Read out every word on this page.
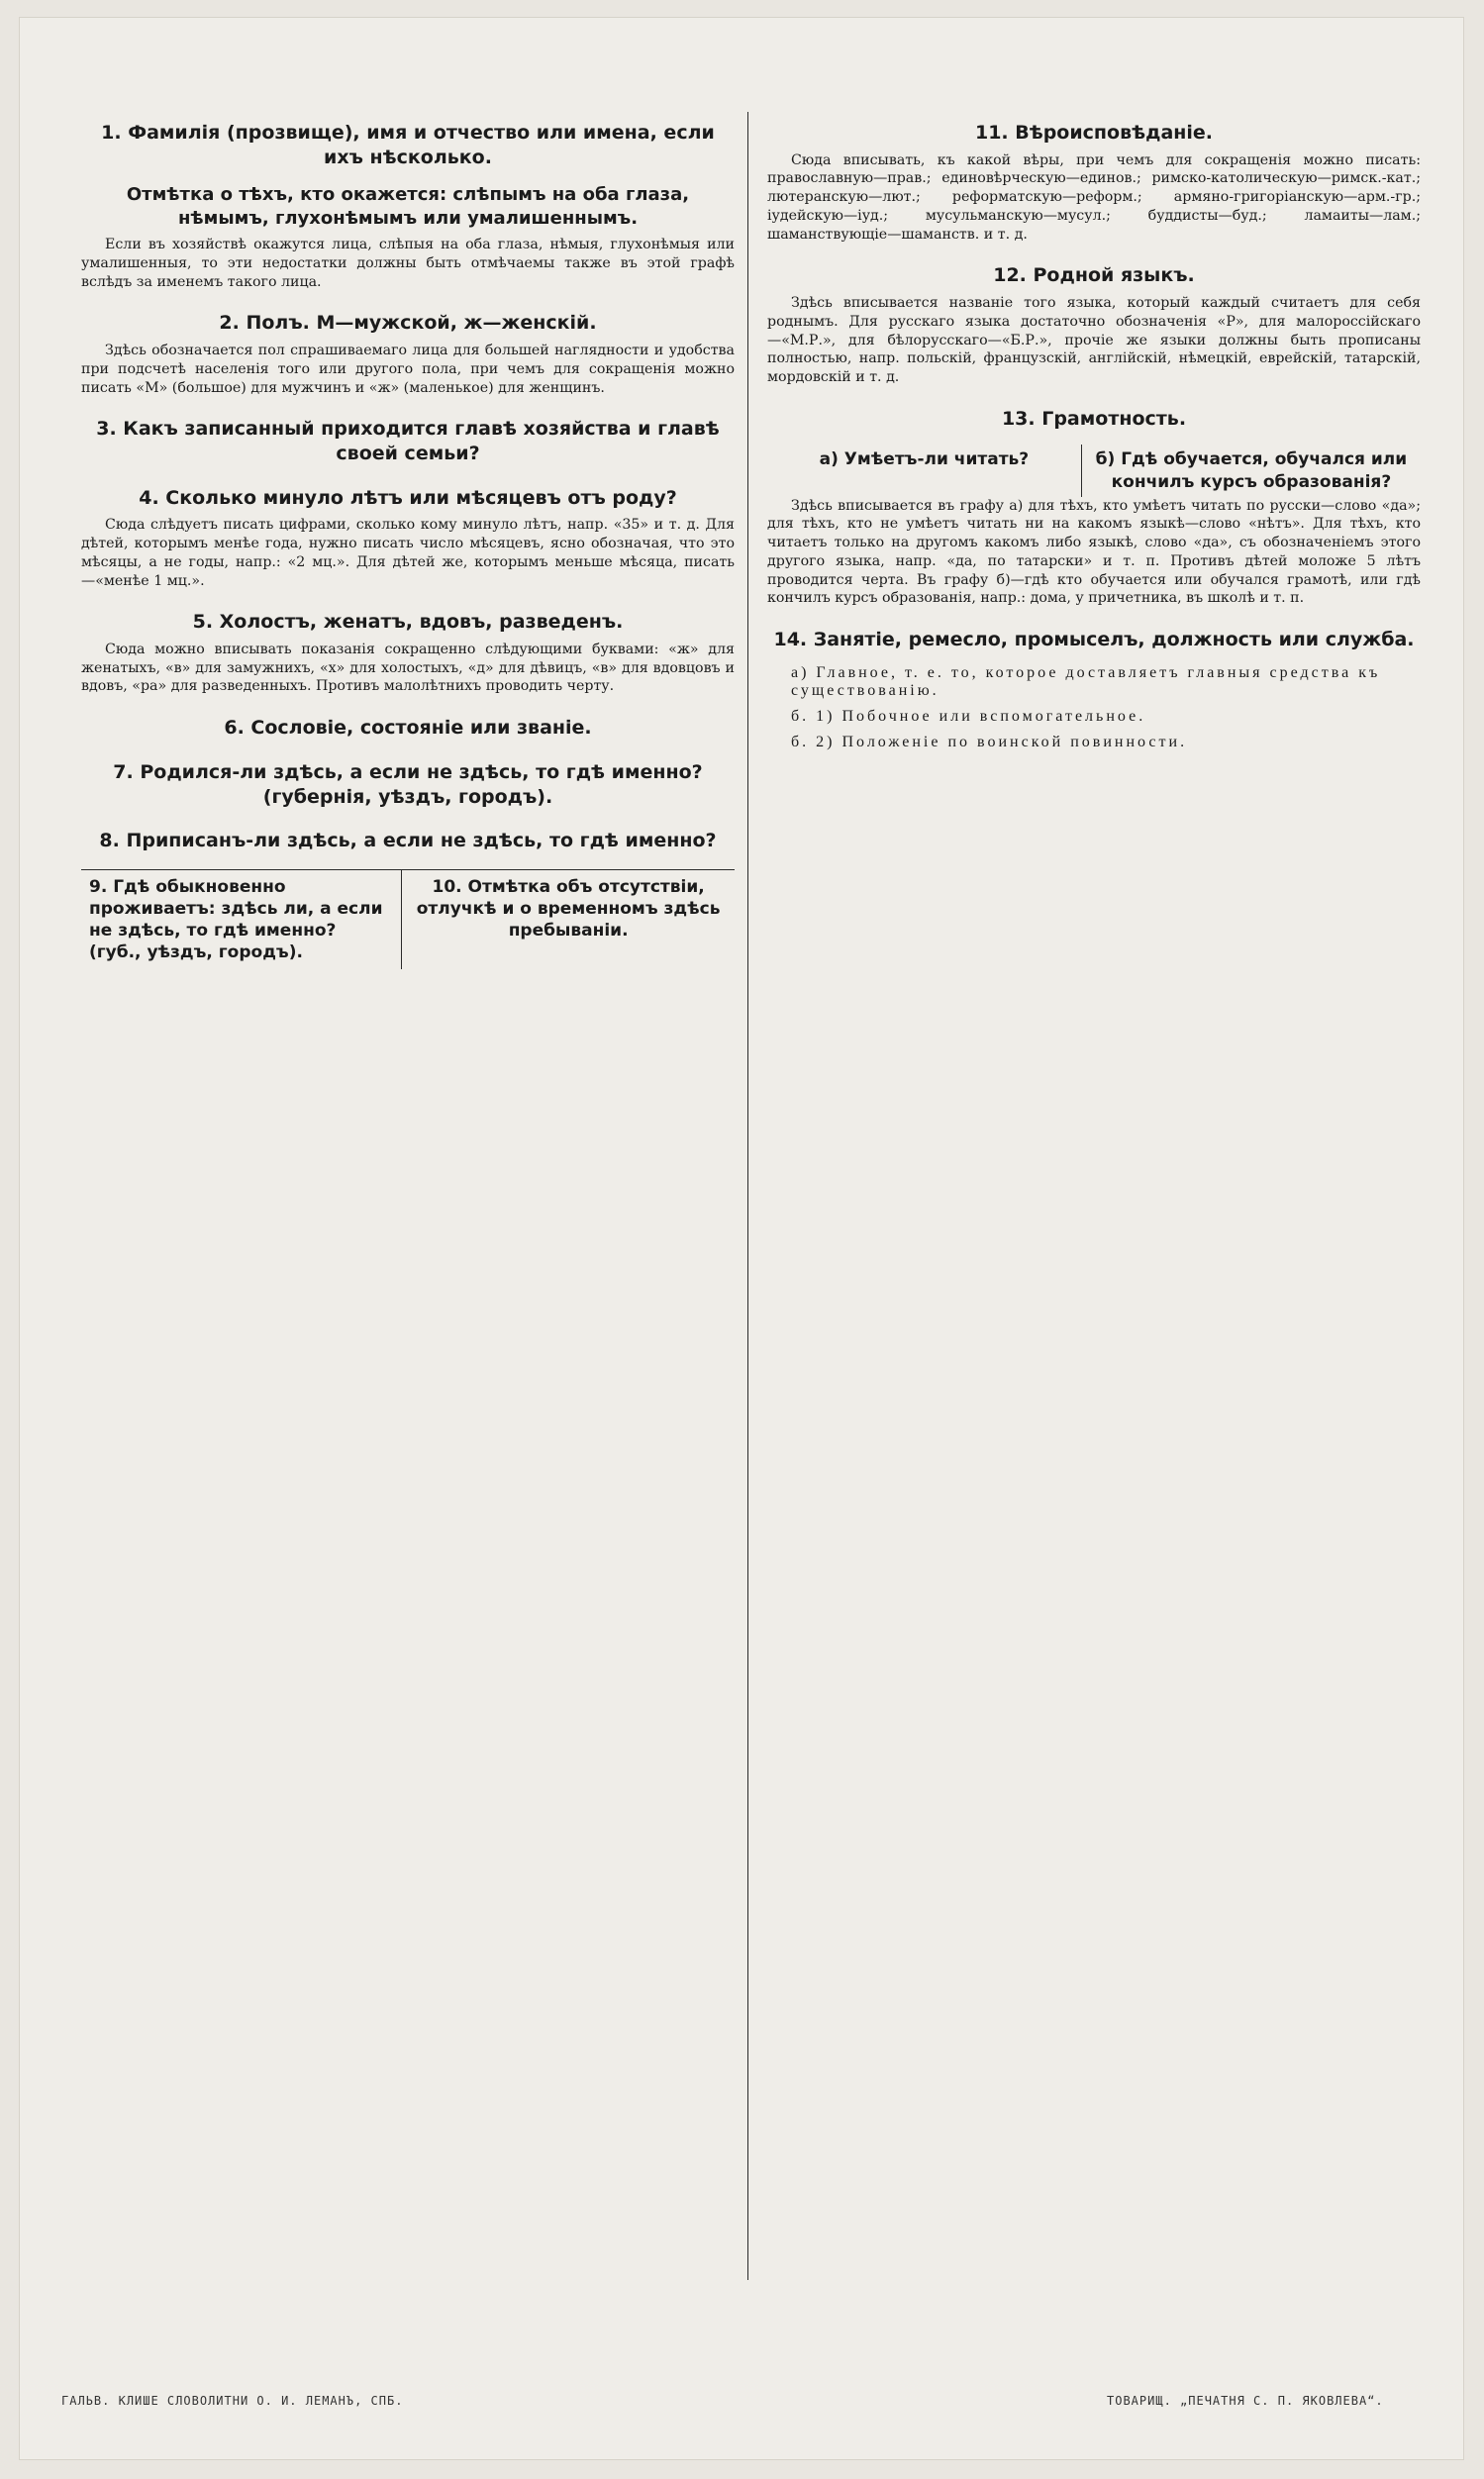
1. Фамилія (прозвище), имя и отчество или имена, если ихъ нѣсколько.
Отмѣтка о тѣхъ, кто окажется: слѣпымъ на оба глаза, нѣмымъ, глухонѣмымъ или умалишеннымъ.

Если въ хозяйствѣ окажутся лица, слѣпыя на оба глаза, нѣмыя, глухонѣмыя или умалишенныя, то эти недостатки должны быть отмѣчаемы также въ этой графѣ вслѣдъ за именемъ такого лица.

2. Полъ. М—мужской, ж—женскій.

Здѣсь обозначается пол спрашиваемаго лица для большей наглядности и удобства при подсчетѣ населенія того или другого пола, при чемъ для сокращенія можно писать «М» (большое) для мужчинъ и «ж» (маленькое) для женщинъ.

3. Какъ записанный приходится главѣ хозяйства и главѣ своей семьи?
4. Сколько минуло лѣтъ или мѣсяцевъ отъ роду?

Сюда слѣдуетъ писать цифрами, сколько кому минуло лѣтъ, напр. «35» и т. д. Для дѣтей, которымъ менѣе года, нужно писать число мѣсяцевъ, ясно обозначая, что это мѣсяцы, а не годы, напр.: «2 мц.». Для дѣтей же, которымъ меньше мѣсяца, писать—«менѣе 1 мц.».

5. Холостъ, женатъ, вдовъ, разведенъ.

Сюда можно вписывать показанія сокращенно слѣдующими буквами: «ж» для женатыхъ, «в» для замужнихъ, «х» для холостыхъ, «д» для дѣвицъ, «в» для вдовцовъ и вдовъ, «ра» для разведенныхъ. Противъ малолѣтнихъ проводить черту.

6. Сословіе, состояніе или званіе.
7. Родился-ли здѣсь, а если не здѣсь, то гдѣ именно? (губернія, уѣздъ, городъ).
8. Приписанъ-ли здѣсь, а если не здѣсь, то гдѣ именно?
9. Гдѣ обыкновенно проживаетъ: здѣсь ли, а если не здѣсь, то гдѣ именно? (губ., уѣздъ, городъ).
10. Отмѣтка объ отсутствіи, отлучкѣ и о временномъ здѣсь пребываніи.
11. Вѣроисповѣданіе.

Сюда вписывать, къ какой вѣры, при чемъ для сокращенія можно писать: православную—прав.; единовѣрческую—единов.; римско-католическую—римск.-кат.; лютеранскую—лют.; реформатскую—реформ.; армяно-григоріанскую—арм.-гр.; іудейскую—іуд.; мусульманскую—мусул.; буддисты—буд.; ламаиты—лам.; шаманствующіе—шаманств. и т. д.

12. Родной языкъ.

Здѣсь вписывается названіе того языка, который каждый считаетъ для себя роднымъ. Для русскаго языка достаточно обозначенія «Р», для малороссійскаго—«М.Р.», для бѣлорусскаго—«Б.Р.», прочіе же языки должны быть прописаны полностью, напр. польскій, французскій, англійскій, нѣмецкій, еврейскій, татарскій, мордовскій и т. д.

13. Грамотность.
а) Умѣетъ-ли читать?	б) Гдѣ обучается, обучался или кончилъ курсъ образованія?

Здѣсь вписывается въ графу а) для тѣхъ, кто умѣетъ читать по русски—слово «да»; для тѣхъ, кто не умѣетъ читать ни на какомъ языкѣ—слово «нѣтъ». Для тѣхъ, кто читаетъ только на другомъ какомъ либо языкѣ, слово «да», съ обозначеніемъ этого другого языка, напр. «да, по татарски» и т. п. Противъ дѣтей моложе 5 лѣтъ проводится черта. Въ графу б)—гдѣ кто обучается или обучался грамотѣ, или гдѣ кончилъ курсъ образованія, напр.: дома, у причетника, въ школѣ и т. п.

14. Занятіе, ремесло, промыселъ, должность или служба.
а) Главное, т. е. то, которое доставляетъ главныя средства къ существованію.
б. 1) Побочное или вспомогательное.
б. 2) Положеніе по воинской повинности.
ГАЛЬВ. КЛИШЕ СЛОВОЛИТНИ О. И. ЛЕМАНЪ, СПБ.	ТОВАРИЩ. „ПЕЧАТНЯ С. П. ЯКОВЛЕВА“.
